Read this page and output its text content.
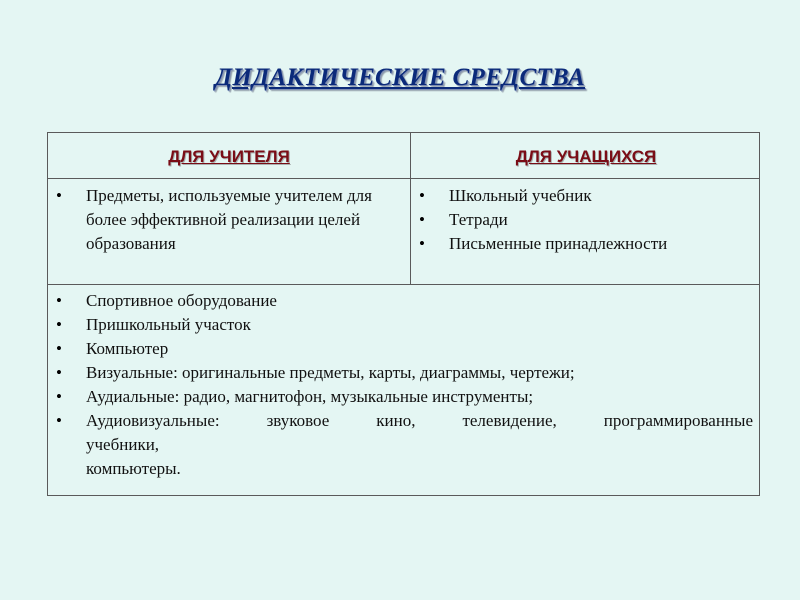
ДИДАКТИЧЕСКИЕ СРЕДСТВА
ДЛЯ УЧИТЕЛЯ	ДЛЯ УЧАЩИХСЯ
• Предметы, используемые учителем для более эффективной реализации целей образования
• Школьный учебник
• Тетради
• Письменные принадлежности
• Спортивное оборудование
• Пришкольный участок
• Компьютер
• Визуальные: оригинальные предметы, карты, диаграммы, чертежи;
• Аудиальные: радио, магнитофон, музыкальные инструменты;
• Аудиовизуальные:   звуковое   кино,   телевидение,   программированные
учебники,
компьютеры.
